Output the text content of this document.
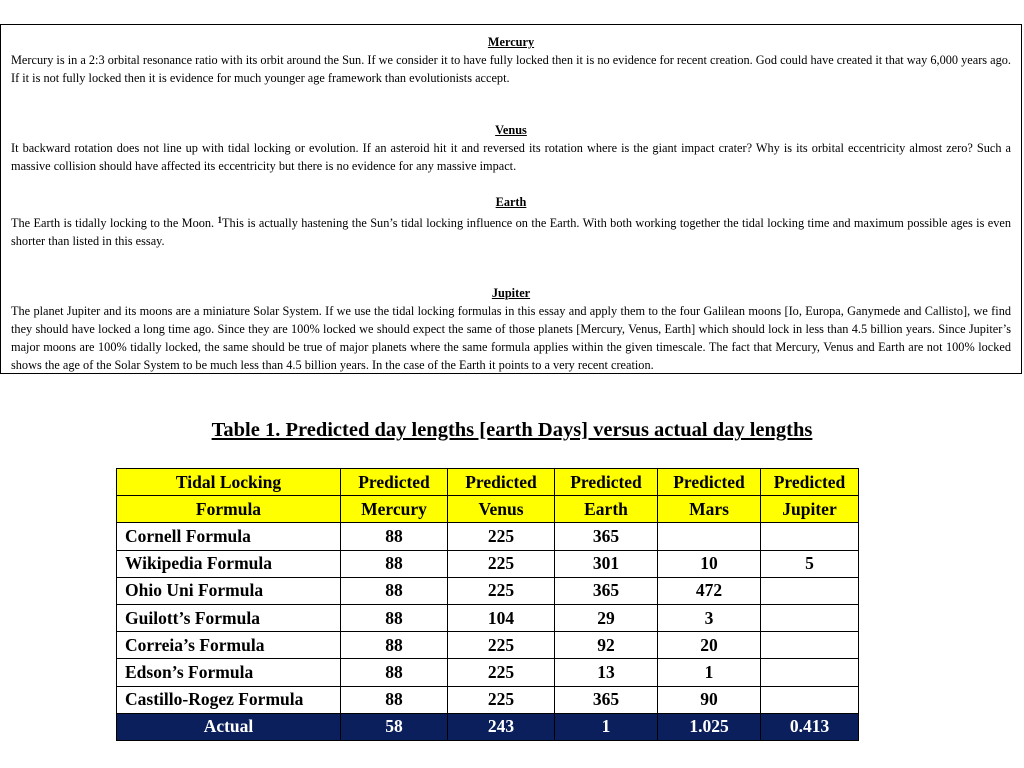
Mercury

Mercury is in a 2:3 orbital resonance ratio with its orbit around the Sun. If we consider it to have fully locked then it is no evidence for recent creation. God could have created it that way 6,000 years ago. If it is not fully locked then it is evidence for much younger age framework than evolutionists accept.

Venus

It backward rotation does not line up with tidal locking or evolution. If an asteroid hit it and reversed its rotation where is the giant impact crater? Why is its orbital eccentricity almost zero? Such a massive collision should have affected its eccentricity but there is no evidence for any massive impact.

Earth

The Earth is tidally locking to the Moon. $^1$This is actually hastening the Sun’s tidal locking influence on the Earth. With both working together the tidal locking time and maximum possible ages is even shorter than listed in this essay.

Jupiter

The planet Jupiter and its moons are a miniature Solar System. If we use the tidal locking formulas in this essay and apply them to the four Galilean moons [Io, Europa, Ganymede and Callisto], we find they should have locked a long time ago. Since they are 100% locked we should expect the same of those planets [Mercury, Venus, Earth] which should lock in less than 4.5 billion years. Since Jupiter’s major moons are 100% tidally locked, the same should be true of major planets where the same formula applies within the given timescale. The fact that Mercury, Venus and Earth are not 100% locked shows the age of the Solar System to be much less than 4.5 billion years. In the case of the Earth it points to a very recent creation.

Table 1. Predicted day lengths [earth Days] versus actual day lengths

Tidal Locking	Predicted	Predicted	Predicted	Predicted	Predicted
Formula	Mercury	Venus	Earth	Mars	Jupiter
Cornell Formula	88	225	365		
Wikipedia Formula	88	225	301	10	5
Ohio Uni Formula	88	225	365	472	
Guilott’s Formula	88	104	29	3	
Correia’s Formula	88	225	92	20	
Edson’s Formula	88	225	13	1	
Castillo-Rogez Formula	88	225	365	90	
Actual	58	243	1	1.025	0.413
